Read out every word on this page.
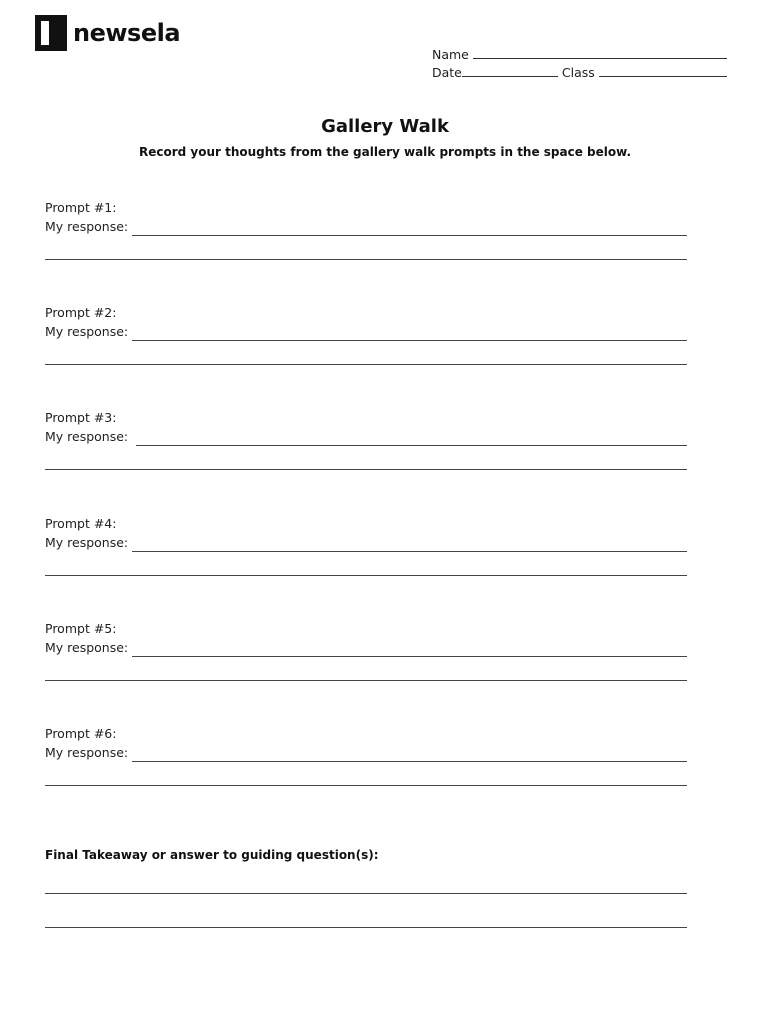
newsela
Name
Date	Class
Gallery Walk
Record your thoughts from the gallery walk prompts in the space below.
Prompt #1:
My response:
Prompt #2:
My response:
Prompt #3:
My response:
Prompt #4:
My response:
Prompt #5:
My response:
Prompt #6:
My response:
Final Takeaway or answer to guiding question(s):
